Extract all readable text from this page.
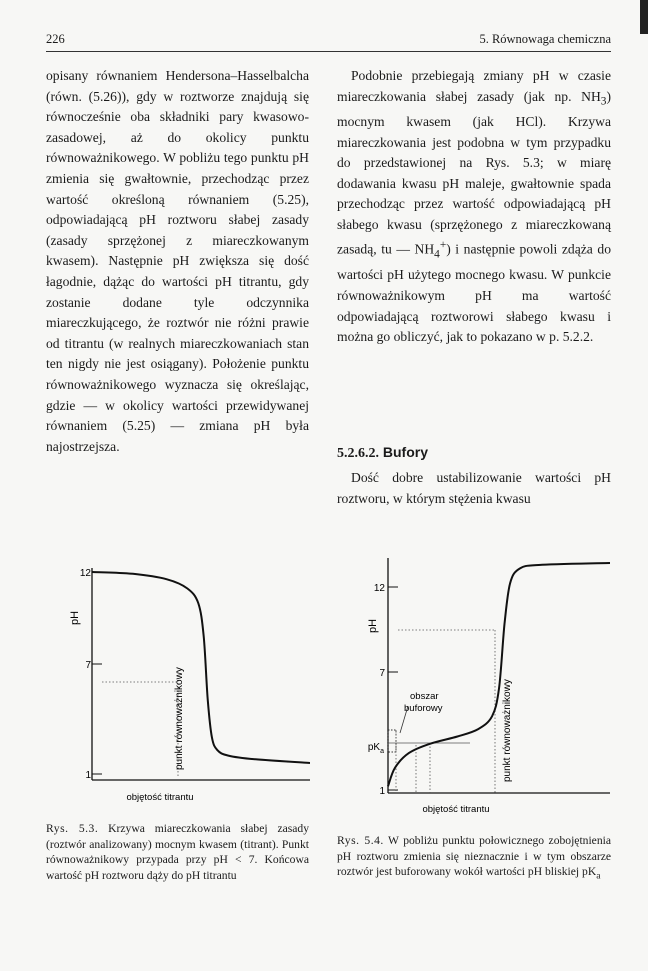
226	5. Równowaga chemiczna

opisany równaniem Hendersona–Hasselbalcha (równ. (5.26)), gdy w roztworze znajdują się równocześnie oba składniki pary kwasowo-zasadowej, aż do okolicy punktu równoważnikowego. W pobliżu tego punktu pH zmienia się gwałtownie, przechodząc przez wartość określoną równaniem (5.25), odpowiadającą pH roztworu słabej zasady (zasady sprzężonej z miareczkowanym kwasem). Następnie pH zwiększa się dość łagodnie, dążąc do wartości pH titrantu, gdy zostanie dodane tyle odczynnika miareczkującego, że roztwór nie różni prawie od titrantu (w realnych miareczkowaniach stan ten nigdy nie jest osiągany). Położenie punktu równoważnikowego wyznacza się określając, gdzie — w okolicy wartości przewidywanej równaniem (5.25) — zmiana pH była najostrzejsza.

Podobnie przebiegają zmiany pH w czasie miareczkowania słabej zasady (jak np. $NH_3$) mocnym kwasem (jak HCl). Krzywa miareczkowania jest podobna w tym przypadku do przedstawionej na Rys. 5.3; w miarę dodawania kwasu pH maleje, gwałtownie spada przechodząc przez wartość odpowiadającą pH słabego kwasu (sprzężonego z miareczkowaną zasadą, tu — $NH_4^+$) i następnie powoli zdąża do wartości pH użytego mocnego kwasu. W punkcie równoważnikowym pH ma wartość odpowiadającą roztworowi słabego kwasu i można go obliczyć, jak to pokazano w p. 5.2.2.

5.2.6.2. Bufory

Dość dobre ustabilizowanie wartości pH roztworu, w którym stężenia kwasu

pH
12
7
1
punkt równoważnikowy
objętość titrantu
pH
12
7
1
$pK_a$
obszar
buforowy	punkt równoważnikowy
objętość titrantu
Rys. 5.3. Krzywa miareczkowania słabej zasady (roztwór analizowany) mocnym kwasem (titrant). Punkt równoważnikowy przypada przy pH < 7. Końcowa wartość pH roztworu dąży do pH titrantu
Rys. 5.4. W pobliżu punktu połowicznego zobojętnienia pH roztworu zmienia się nieznacznie i w tym obszarze roztwór jest buforowany wokół wartości pH bliskiej $pK_a$
